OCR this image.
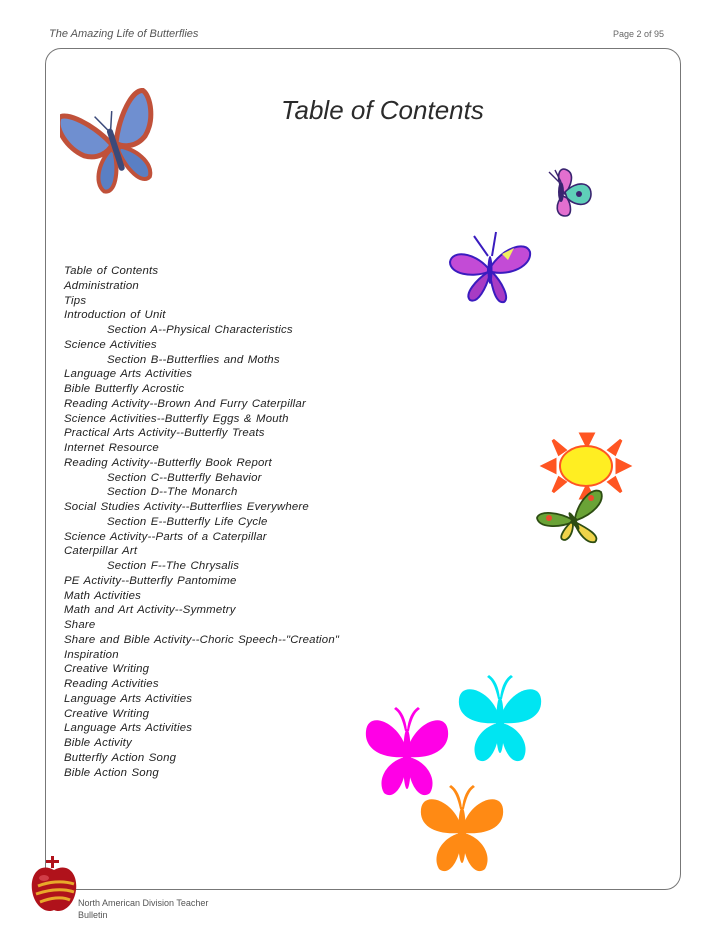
The Amazing Life of Butterflies	Page 2 of 95
Table of Contents
Table of Contents
Administration
Tips
Introduction of Unit
Section A--Physical Characteristics
Science Activities
Section B--Butterflies and Moths
Language Arts Activities
Bible Butterfly Acrostic
Reading Activity--Brown And Furry Caterpillar
Science Activities--Butterfly Eggs & Mouth
Practical Arts Activity--Butterfly Treats
Internet Resource
Reading Activity--Butterfly Book Report
Section C--Butterfly Behavior
Section D--The Monarch
Social Studies Activity--Butterflies Everywhere
Section E--Butterfly Life Cycle
Science Activity--Parts of a Caterpillar
Caterpillar Art
Section F--The Chrysalis
PE Activity--Butterfly Pantomime
Math Activities
Math and Art Activity--Symmetry
Share
Share and Bible Activity--Choric Speech--"Creation"
Inspiration
Creative Writing
Reading Activities
Language Arts Activities
Creative Writing
Language Arts Activities
Bible Activity
Butterfly Action Song
Bible Action Song
North American Division Teacher
Bulletin
